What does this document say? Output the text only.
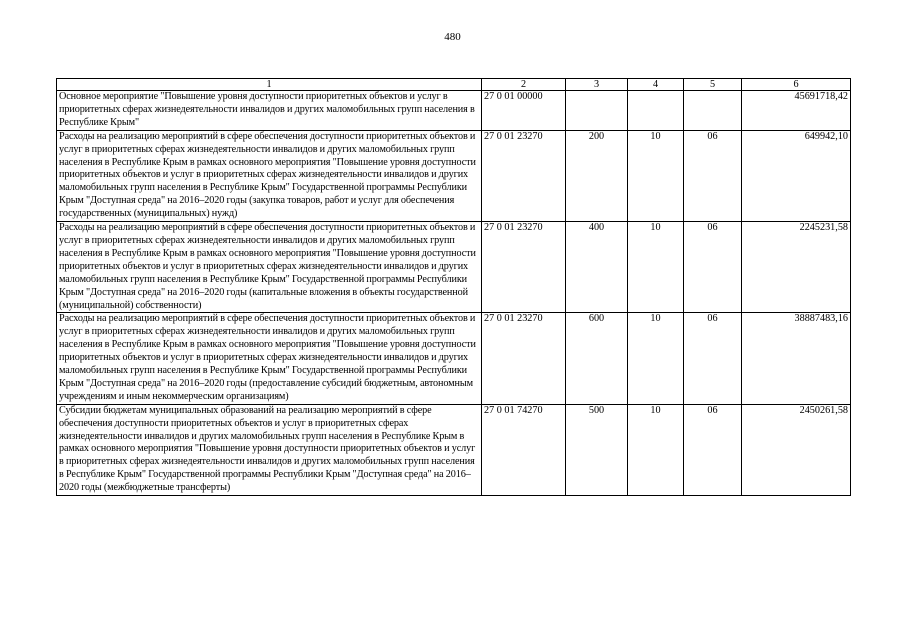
480
1	2	3	4	5	6
Основное мероприятие "Повышение уровня доступности приоритетных объектов и услуг в приоритетных сферах жизнедеятельности инвалидов и других маломобильных групп населения в Республике Крым"	27 0 01 00000				45691718,42
Расходы на реализацию мероприятий в сфере обеспечения доступности приоритетных объектов и услуг в приоритетных сферах жизнедеятельности инвалидов и других маломобильных групп населения в Республике Крым в рамках основного мероприятия "Повышение уровня доступности приоритетных объектов и услуг в приоритетных сферах жизнедеятельности инвалидов и других маломобильных групп населения в Республике Крым" Государственной программы Республики Крым "Доступная среда" на 2016–2020 годы (закупка товаров, работ и услуг для обеспечения государственных (муниципальных) нужд)	27 0 01 23270	200	10	06	649942,10
Расходы на реализацию мероприятий в сфере обеспечения доступности приоритетных объектов и услуг в приоритетных сферах жизнедеятельности инвалидов и других маломобильных групп населения в Республике Крым в рамках основного мероприятия "Повышение уровня доступности приоритетных объектов и услуг в приоритетных сферах жизнедеятельности инвалидов и других маломобильных групп населения в Республике Крым" Государственной программы Республики Крым "Доступная среда" на 2016–2020 годы (капитальные вложения в объекты государственной (муниципальной) собственности)	27 0 01 23270	400	10	06	2245231,58
Расходы на реализацию мероприятий в сфере обеспечения доступности приоритетных объектов и услуг в приоритетных сферах жизнедеятельности инвалидов и других маломобильных групп населения в Республике Крым в рамках основного мероприятия "Повышение уровня доступности приоритетных объектов и услуг в приоритетных сферах жизнедеятельности инвалидов и других маломобильных групп населения в Республике Крым" Государственной программы Республики Крым "Доступная среда" на 2016–2020 годы (предоставление субсидий бюджетным, автономным учреждениям и иным некоммерческим организациям)	27 0 01 23270	600	10	06	38887483,16
Субсидии бюджетам муниципальных образований на реализацию мероприятий в сфере обеспечения доступности приоритетных объектов и услуг в приоритетных сферах жизнедеятельности инвалидов и других маломобильных групп населения в Республике Крым в рамках основного мероприятия "Повышение уровня доступности приоритетных объектов и услуг в приоритетных сферах жизнедеятельности инвалидов и других маломобильных групп населения в Республике Крым" Государственной программы Республики Крым "Доступная среда" на 2016–2020 годы (межбюджетные трансферты)	27 0 01 74270	500	10	06	2450261,58
